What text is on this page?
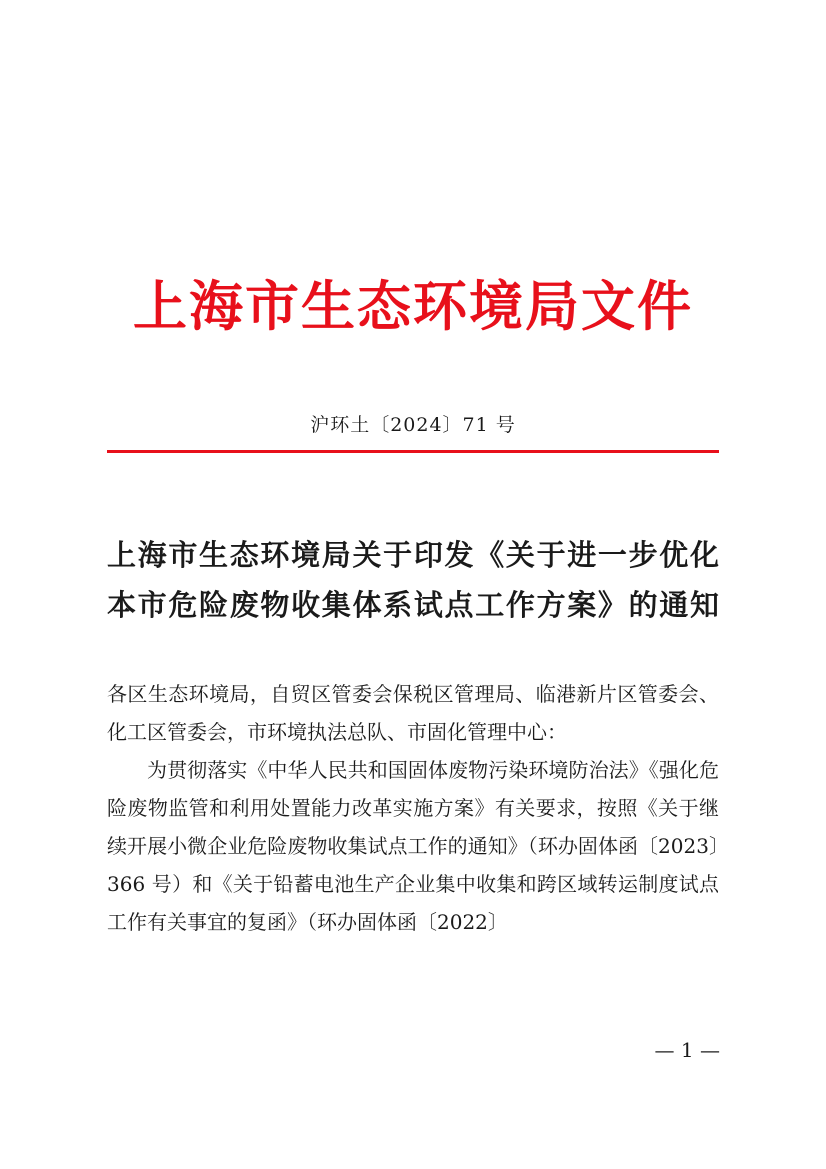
上海市生态环境局文件

沪环土〔2024〕71 号

上海市生态环境局关于印发《关于进一步优化
本市危险废物收集体系试点工作方案》的通知

各区生态环境局，自贸区管委会保税区管理局、临港新片区管委会、化工区管委会，市环境执法总队、市固化管理中心：

为贯彻落实《中华人民共和国固体废物污染环境防治法》《强化危险废物监管和利用处置能力改革实施方案》有关要求，按照《关于继续开展小微企业危险废物收集试点工作的通知》（环办固体函〔2023〕366 号）和《关于铅蓄电池生产企业集中收集和跨区域转运制度试点工作有关事宜的复函》（环办固体函〔2022〕

— 1 —
